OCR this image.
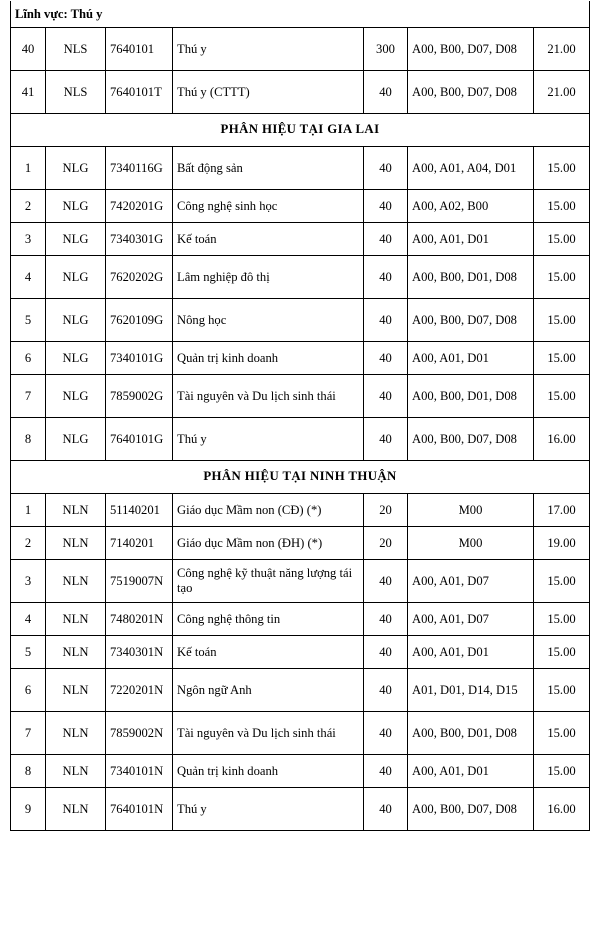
Lĩnh vực: Thú y						
40	NLS	7640101	Thú y	300	A00, B00, D07, D08	21.00
41	NLS	7640101T	Thú y (CTTT)	40	A00, B00, D07, D08	21.00
PHÂN HIỆU TẠI GIA LAI						
1	NLG	7340116G	Bất động sản	40	A00, A01, A04, D01	15.00
2	NLG	7420201G	Công nghệ sinh học	40	A00, A02, B00	15.00
3	NLG	7340301G	Kế toán	40	A00, A01, D01	15.00
4	NLG	7620202G	Lâm nghiệp đô thị	40	A00, B00, D01, D08	15.00
5	NLG	7620109G	Nông học	40	A00, B00, D07, D08	15.00
6	NLG	7340101G	Quản trị kinh doanh	40	A00, A01, D01	15.00
7	NLG	7859002G	Tài nguyên và Du lịch sinh thái	40	A00, B00, D01, D08	15.00
8	NLG	7640101G	Thú y	40	A00, B00, D07, D08	16.00
PHÂN HIỆU TẠI NINH THUẬN						
1	NLN	51140201	Giáo dục Mầm non (CĐ) (*)	20	M00	17.00
2	NLN	7140201	Giáo dục Mầm non (ĐH) (*)	20	M00	19.00
3	NLN	7519007N	Công nghệ kỹ thuật năng lượng tái tạo	40	A00, A01, D07	15.00
4	NLN	7480201N	Công nghệ thông tin	40	A00, A01, D07	15.00
5	NLN	7340301N	Kế toán	40	A00, A01, D01	15.00
6	NLN	7220201N	Ngôn ngữ Anh	40	A01, D01, D14, D15	15.00
7	NLN	7859002N	Tài nguyên và Du lịch sinh thái	40	A00, B00, D01, D08	15.00
8	NLN	7340101N	Quản trị kinh doanh	40	A00, A01, D01	15.00
9	NLN	7640101N	Thú y	40	A00, B00, D07, D08	16.00
